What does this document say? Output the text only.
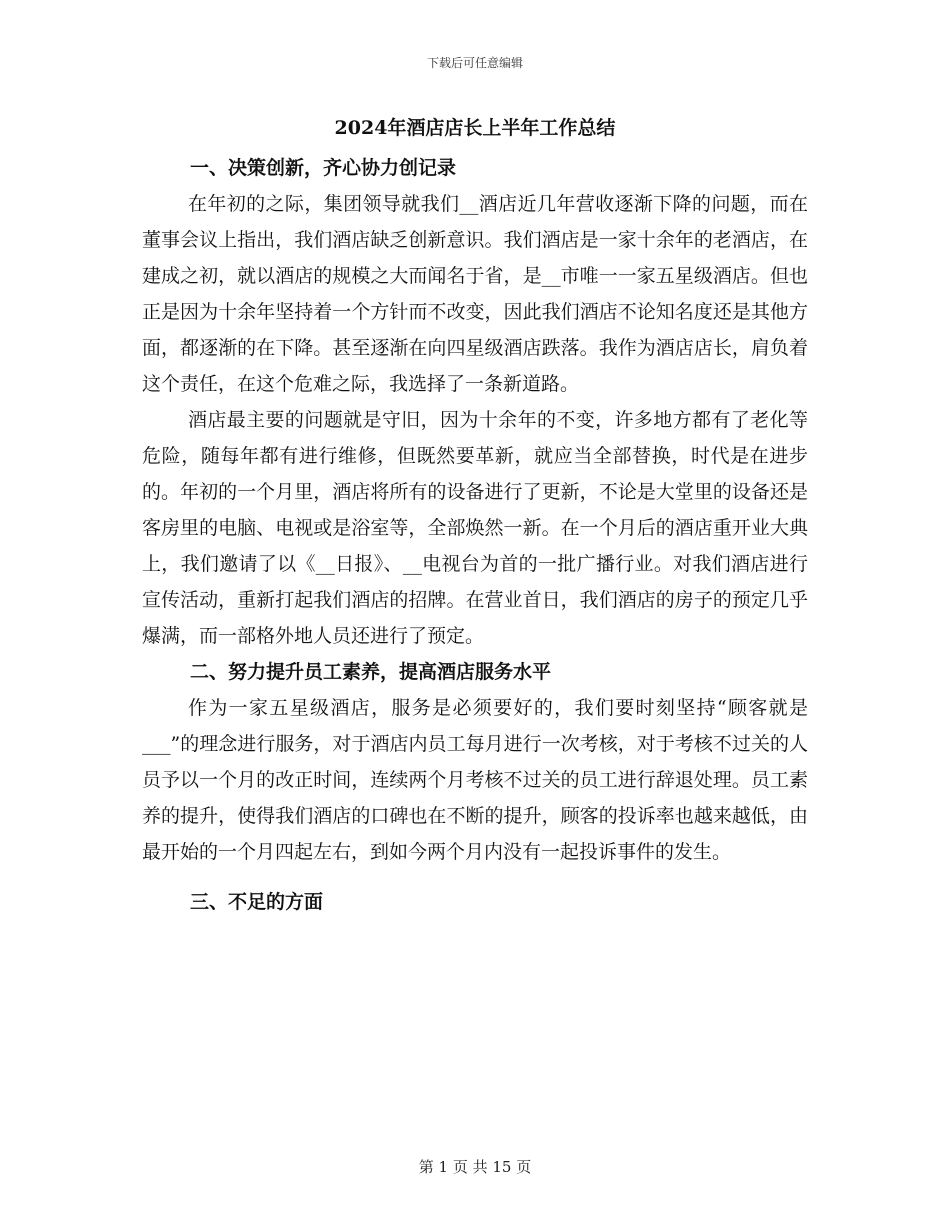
下载后可任意编辑
2024年酒店店长上半年工作总结
一、决策创新，齐心协力创记录

在年初的之际，集团领导就我们__酒店近几年营收逐渐下降的问题，而在董事会议上指出，我们酒店缺乏创新意识。我们酒店是一家十余年的老酒店，在建成之初，就以酒店的规模之大而闻名于省，是__市唯一一家五星级酒店。但也正是因为十余年坚持着一个方针而不改变，因此我们酒店不论知名度还是其他方面，都逐渐的在下降。甚至逐渐在向四星级酒店跌落。我作为酒店店长，肩负着这个责任，在这个危难之际，我选择了一条新道路。

酒店最主要的问题就是守旧，因为十余年的不变，许多地方都有了老化等危险，随每年都有进行维修，但既然要革新，就应当全部替换，时代是在进步的。年初的一个月里，酒店将所有的设备进行了更新，不论是大堂里的设备还是客房里的电脑、电视或是浴室等，全部焕然一新。在一个月后的酒店重开业大典上，我们邀请了以《__日报》、__电视台为首的一批广播行业。对我们酒店进行宣传活动，重新打起我们酒店的招牌。在营业首日，我们酒店的房子的预定几乎爆满，而一部格外地人员还进行了预定。

二、努力提升员工素养，提高酒店服务水平

作为一家五星级酒店，服务是必须要好的，我们要时刻坚持“顾客就是___”的理念进行服务，对于酒店内员工每月进行一次考核，对于考核不过关的人员予以一个月的改正时间，连续两个月考核不过关的员工进行辞退处理。员工素养的提升，使得我们酒店的口碑也在不断的提升，顾客的投诉率也越来越低，由最开始的一个月四起左右，到如今两个月内没有一起投诉事件的发生。

三、不足的方面
第 1 页 共 15 页
